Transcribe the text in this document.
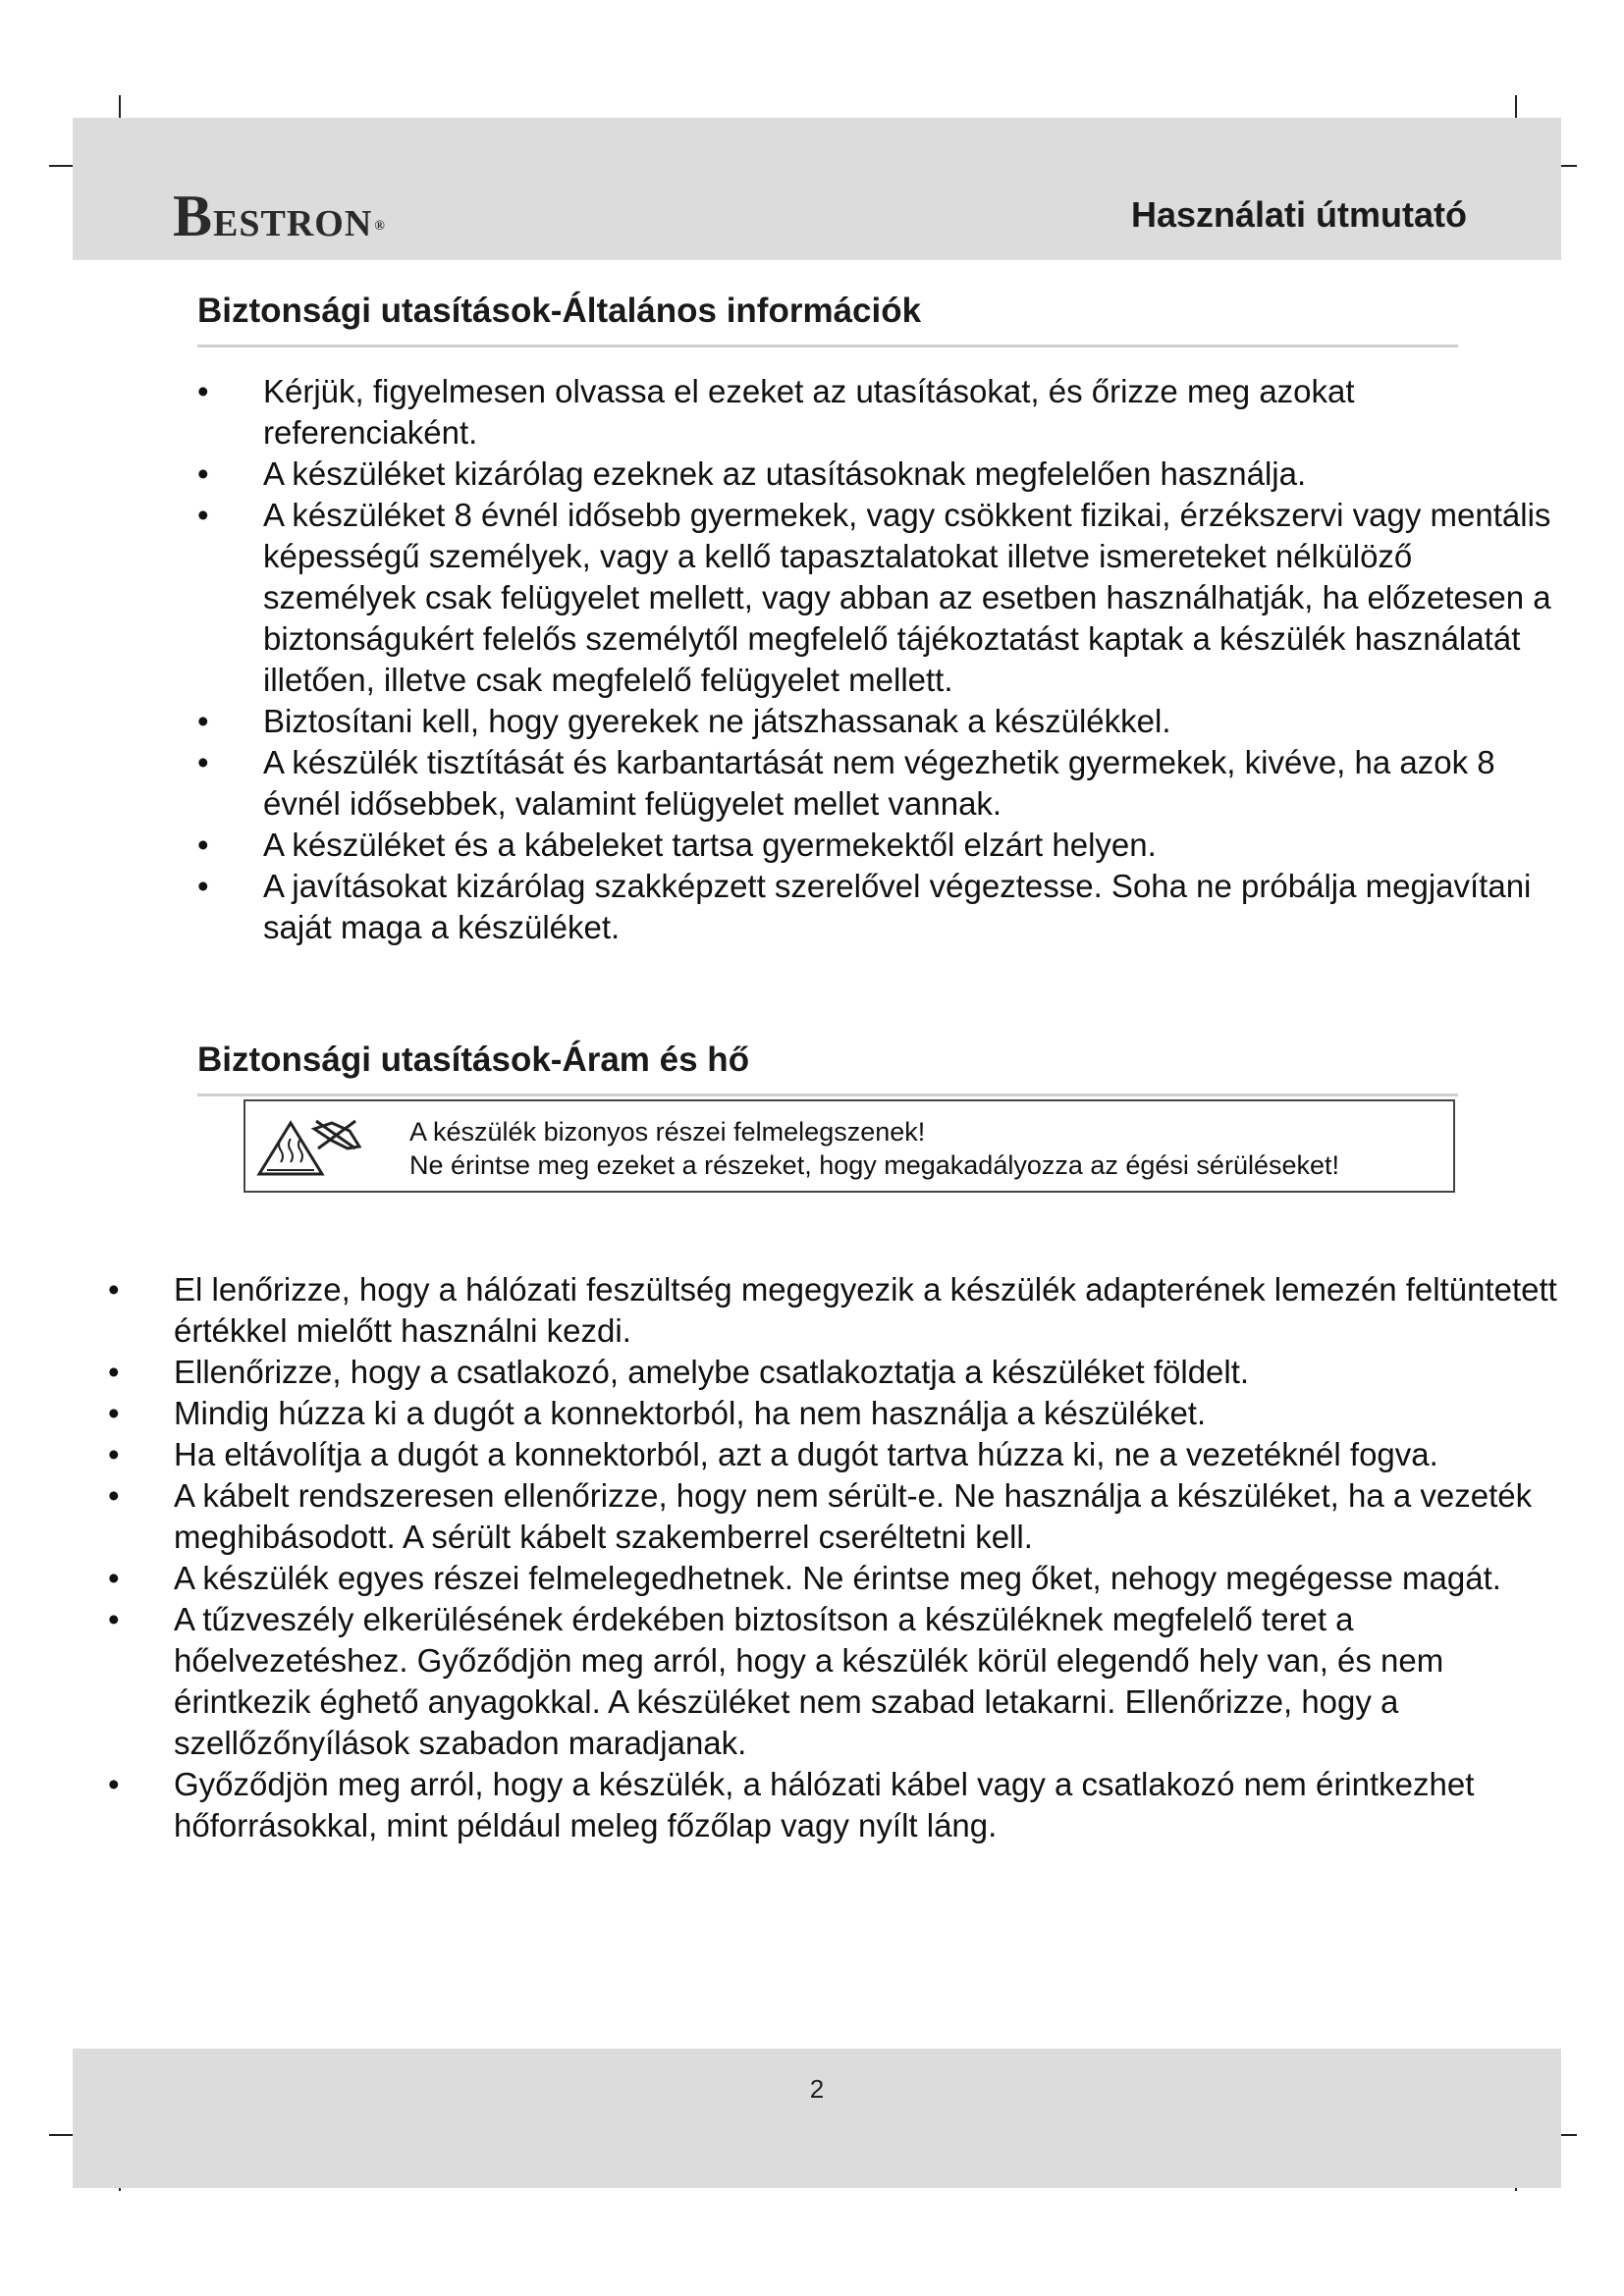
BESTRON ®	Használati útmutató
Biztonsági utasítások-Általános információk
• Kérjük, figyelmesen olvassa el ezeket az utasításokat, és őrizze meg azokat referenciaként.
• A készüléket kizárólag ezeknek az utasításoknak megfelelően használja.
• A készüléket 8 évnél idősebb gyermekek, vagy csökkent fizikai, érzékszervi vagy mentális képességű személyek, vagy a kellő tapasztalatokat illetve ismereteket nélkülöző személyek csak felügyelet mellett, vagy abban az esetben használhatják, ha előzetesen a biztonságukért felelős személytől megfelelő tájékoztatást kaptak a készülék használatát illetően, illetve csak megfelelő felügyelet mellett.
• Biztosítani kell, hogy gyerekek ne játszhassanak a készülékkel.
• A készülék tisztítását és karbantartását nem végezhetik gyermekek, kivéve, ha azok 8 évnél idősebbek, valamint felügyelet mellet vannak.
• A készüléket és a kábeleket tartsa gyermekektől elzárt helyen.
• A javításokat kizárólag szakképzett szerelővel végeztesse. Soha ne próbálja megjavítani saját maga a készüléket.
Biztonsági utasítások-Áram és hő
A készülék bizonyos részei felmelegszenek!
Ne érintse meg ezeket a részeket, hogy megakadályozza az égési sérüléseket!
• El lenőrizze, hogy a hálózati feszültség megegyezik a készülék adapterének lemezén feltüntetett értékkel mielőtt használni kezdi.
• Ellenőrizze, hogy a csatlakozó, amelybe csatlakoztatja a készüléket földelt.
• Mindig húzza ki a dugót a konnektorból, ha nem használja a készüléket.
• Ha eltávolítja a dugót a konnektorból, azt a dugót tartva húzza ki, ne a vezetéknél fogva.
• A kábelt rendszeresen ellenőrizze, hogy nem sérült-e. Ne használja a készüléket, ha a vezeték meghibásodott. A sérült kábelt szakemberrel cseréltetni kell.
• A készülék egyes részei felmelegedhetnek. Ne érintse meg őket, nehogy megégesse magát.
• A tűzveszély elkerülésének érdekében biztosítson a készüléknek megfelelő teret a hőelvezetéshez. Győződjön meg arról, hogy a készülék körül elegendő hely van, és nem érintkezik éghető anyagokkal. A készüléket nem szabad letakarni. Ellenőrizze, hogy a szellőzőnyílások szabadon maradjanak.
• Győződjön meg arról, hogy a készülék, a hálózati kábel vagy a csatlakozó nem érintkezhet hőforrásokkal, mint például meleg főzőlap vagy nyílt láng.
2
